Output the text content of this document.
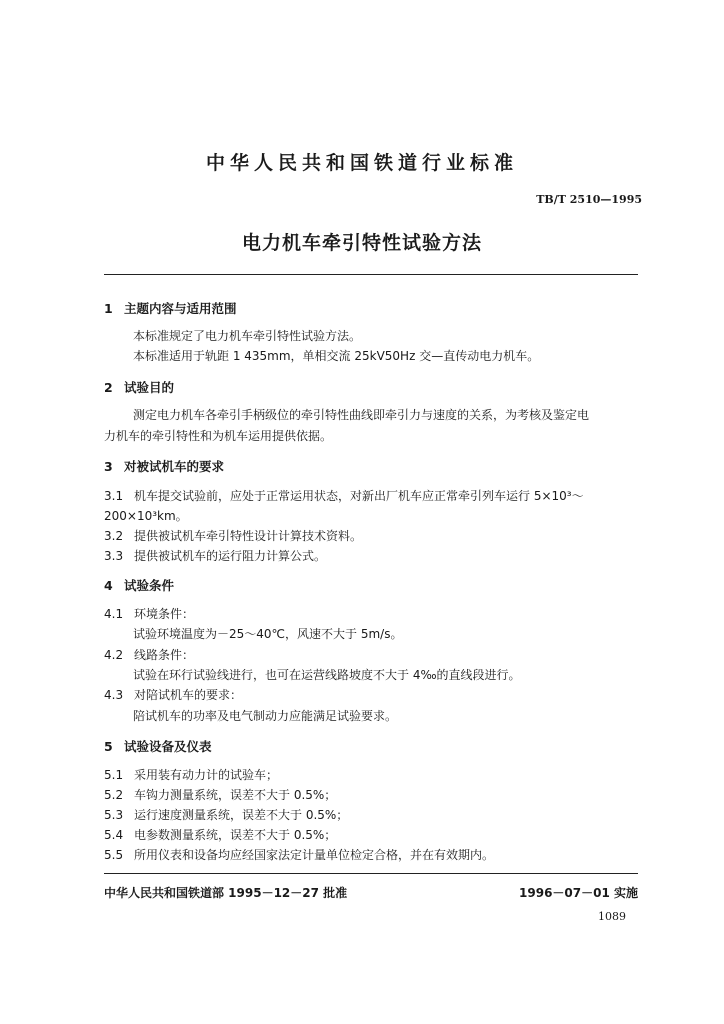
中华人民共和国铁道行业标准
TB/T 2510—1995
电力机车牵引特性试验方法
1 主题内容与适用范围
本标准规定了电力机车牵引特性试验方法。
本标准适用于轨距 1 435mm，单相交流 25kV50Hz 交—直传动电力机车。
2 试验目的
测定电力机车各牵引手柄级位的牵引特性曲线即牵引力与速度的关系，为考核及鉴定电
力机车的牵引特性和为机车运用提供依据。
3 对被试机车的要求
3.1 机车提交试验前，应处于正常运用状态，对新出厂机车应正常牵引列车运行 5×10³～
200×10³km。
3.2 提供被试机车牵引特性设计计算技术资料。
3.3 提供被试机车的运行阻力计算公式。
4 试验条件
4.1 环境条件：
试验环境温度为－25～40℃，风速不大于 5m/s。
4.2 线路条件：
试验在环行试验线进行，也可在运营线路坡度不大于 4‰的直线段进行。
4.3 对陪试机车的要求：
陪试机车的功率及电气制动力应能满足试验要求。
5 试验设备及仪表
5.1 采用装有动力计的试验车；
5.2 车钩力测量系统，误差不大于 0.5%；
5.3 运行速度测量系统，误差不大于 0.5%；
5.4 电参数测量系统，误差不大于 0.5%；
5.5 所用仪表和设备均应经国家法定计量单位检定合格，并在有效期内。
中华人民共和国铁道部 1995－12－27 批准	1996－07－01 实施
1089
